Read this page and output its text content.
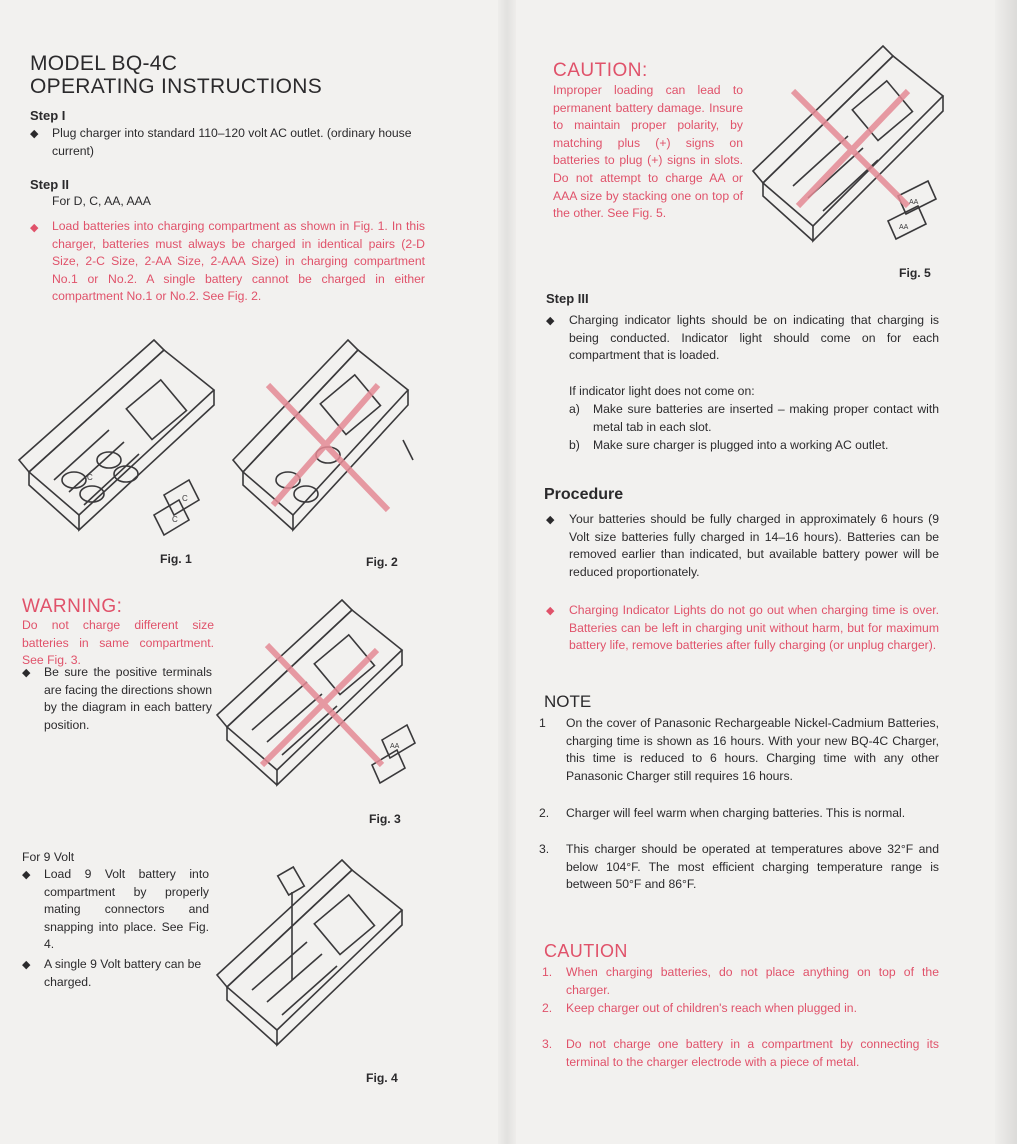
MODEL BQ-4C
OPERATING INSTRUCTIONS
Step I
◆ Plug charger into standard 110–120 volt AC outlet. (ordinary house current)
Step II
For D, C, AA, AAA
◆ Load batteries into charging compartment as shown in Fig. 1. In this charger, batteries must always be charged in identical pairs (2-D Size, 2-C Size, 2-AA Size, 2-AAA Size) in charging compartment No.1 or No.2. A single battery cannot be charged in either compartment No.1 or No.2. See Fig. 2.
C
C
C
Fig. 1	Fig. 2
WARNING:
Do not charge different size batteries in same compartment. See Fig. 3.
◆ Be sure the positive terminals are facing the directions shown by the diagram in each battery position.
AA
Fig. 3
For 9 Volt
◆ Load 9 Volt battery into compartment by properly mating connectors and snapping into place. See Fig. 4.
◆ A single 9 Volt battery can be charged.
Fig. 4
CAUTION:
Improper loading can lead to permanent battery damage. Insure to maintain proper polarity, by matching plus (+) signs on batteries to plug (+) signs in slots. Do not attempt to charge AA or AAA size by stacking one on top of the other. See Fig. 5.
AA
AA
Fig. 5
Step III
◆ Charging indicator lights should be on indicating that charging is being conducted. Indicator light should come on for each compartment that is loaded.
If indicator light does not come on:
a) Make sure batteries are inserted – making proper contact with metal tab in each slot.
b) Make sure charger is plugged into a working AC outlet.
Procedure
◆ Your batteries should be fully charged in approximately 6 hours (9 Volt size batteries fully charged in 14–16 hours). Batteries can be removed earlier than indicated, but available battery power will be reduced proportionately.
◆ Charging Indicator Lights do not go out when charging time is over. Batteries can be left in charging unit without harm, but for maximum battery life, remove batteries after fully charging (or unplug charger).
NOTE
1 On the cover of Panasonic Rechargeable Nickel-Cadmium Batteries, charging time is shown as 16 hours. With your new BQ-4C Charger, this time is reduced to 6 hours. Charging time with any other Panasonic Charger still requires 16 hours.
2. Charger will feel warm when charging batteries. This is normal.
3. This charger should be operated at temperatures above 32°F and below 104°F. The most efficient charging temperature range is between 50°F and 86°F.
CAUTION
1. When charging batteries, do not place anything on top of the charger.
2. Keep charger out of children's reach when plugged in.
3. Do not charge one battery in a compartment by connecting its terminal to the charger electrode with a piece of metal.
